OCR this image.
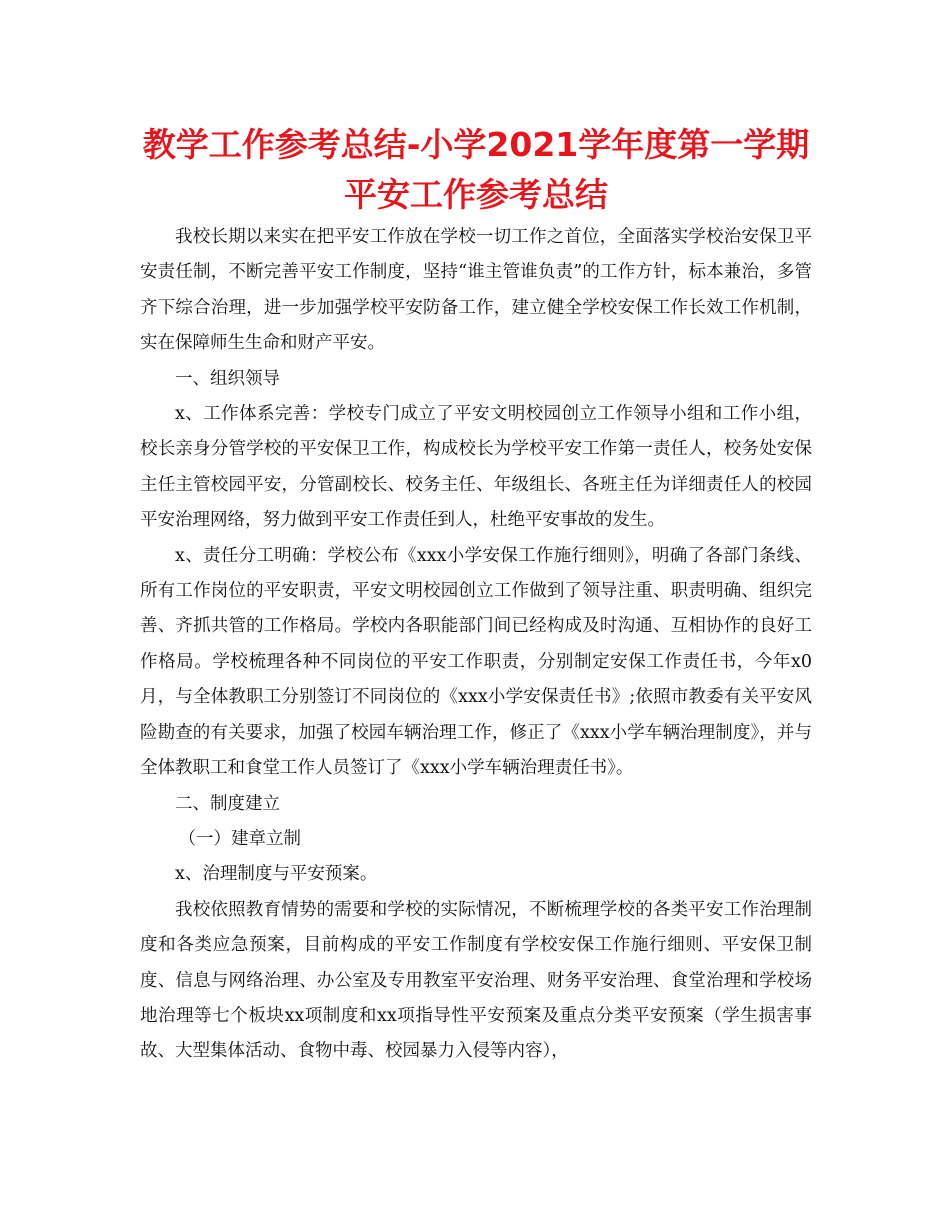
教学工作参考总结-小学2021学年度第一学期平安工作参考总结

我校长期以来实在把平安工作放在学校一切工作之首位，全面落实学校治安保卫平安责任制，不断完善平安工作制度，坚持“谁主管谁负责”的工作方针，标本兼治，多管齐下综合治理，进一步加强学校平安防备工作，建立健全学校安保工作长效工作机制，实在保障师生生命和财产平安。

一、组织领导

x、工作体系完善：学校专门成立了平安文明校园创立工作领导小组和工作小组，校长亲身分管学校的平安保卫工作，构成校长为学校平安工作第一责任人，校务处安保主任主管校园平安，分管副校长、校务主任、年级组长、各班主任为详细责任人的校园平安治理网络，努力做到平安工作责任到人，杜绝平安事故的发生。

x、责任分工明确：学校公布《xxx小学安保工作施行细则》，明确了各部门条线、所有工作岗位的平安职责，平安文明校园创立工作做到了领导注重、职责明确、组织完善、齐抓共管的工作格局。学校内各职能部门间已经构成及时沟通、互相协作的良好工作格局。学校梳理各种不同岗位的平安工作职责，分别制定安保工作责任书，今年x0月，与全体教职工分别签订不同岗位的《xxx小学安保责任书》;依照市教委有关平安风险勘查的有关要求，加强了校园车辆治理工作，修正了《xxx小学车辆治理制度》，并与全体教职工和食堂工作人员签订了《xxx小学车辆治理责任书》。

二、制度建立

（一）建章立制

x、治理制度与平安预案。

我校依照教育情势的需要和学校的实际情况，不断梳理学校的各类平安工作治理制度和各类应急预案，目前构成的平安工作制度有学校安保工作施行细则、平安保卫制度、信息与网络治理、办公室及专用教室平安治理、财务平安治理、食堂治理和学校场地治理等七个板块xx项制度和xx项指导性平安预案及重点分类平安预案（学生损害事故、大型集体活动、食物中毒、校园暴力入侵等内容），
